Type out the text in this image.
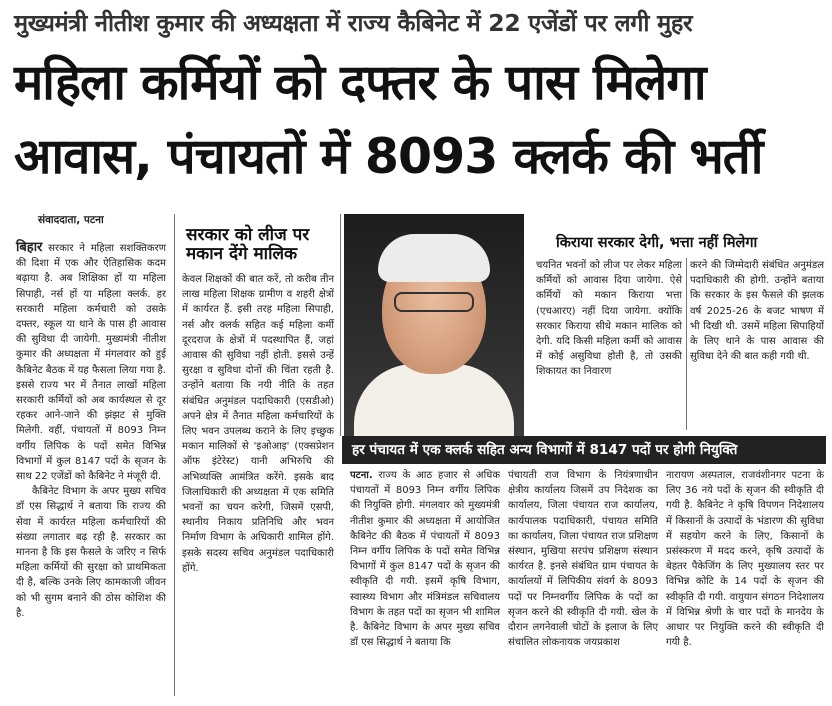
मुख्यमंत्री नीतीश कुमार की अध्यक्षता में राज्य कैबिनेट में 22 एजेंडों पर लगी मुहर
महिला कर्मियों को दफ्तर के पास मिलेगा
आवास, पंचायतों में 8093 क्लर्क की भर्ती
संवाददाता, पटना
बिहार सरकार ने महिला सशक्तिकरण की दिशा में एक और ऐतिहासिक कदम बढ़ाया है. अब शिक्षिका हों या महिला सिपाही, नर्स हों या महिला क्लर्क. हर सरकारी महिला कर्मचारी को उसके दफ्तर, स्कूल या थाने के पास ही आवास की सुविधा दी जायेगी. मुख्यमंत्री नीतीश कुमार की अध्यक्षता में मंगलवार को हुई कैबिनेट बैठक में यह फैसला लिया गया है. इससे राज्य भर में तैनात लाखों महिला सरकारी कर्मियों को अब कार्यस्थल से दूर रहकर आने-जाने की झंझट से मुक्ति मिलेगी. वहीं, पंचायतों में 8093 निम्न वर्गीय लिपिक के पदों समेत विभिन्न विभागों में कुल 8147 पदों के सृजन के साथ 22 एजेंडों को कैबिनेट ने मंजूरी दी.
कैबिनेट विभाग के अपर मुख्य सचिव डॉ एस सिद्धार्थ ने बताया कि राज्य की सेवा में कार्यरत महिला कर्मचारियों की संख्या लगातार बढ़ रही है. सरकार का मानना है कि इस फैसले के जरिए न सिर्फ महिला कर्मियों की सुरक्षा को प्राथमिकता दी है, बल्कि उनके लिए कामकाजी जीवन को भी सुगम बनाने की ठोस कोशिश की है.
सरकार को लीज पर मकान देंगे मालिक
केवल शिक्षकों की बात करें, तो करीब तीन लाख महिला शिक्षक ग्रामीण व शहरी क्षेत्रों में कार्यरत हैं. इसी तरह महिला सिपाही, नर्स और क्लर्क सहित कई महिला कर्मी दूरदराज के क्षेत्रों में पदस्थापित हैं, जहां आवास की सुविधा नहीं होती. इससे उन्हें सुरक्षा व सुविधा दोनों की चिंता रहती है. उन्होंने बताया कि नयी नीति के तहत संबंधित अनुमंडल पदाधिकारी (एसडीओ) अपने क्षेत्र में तैनात महिला कर्मचारियों के लिए भवन उपलब्ध कराने के लिए इच्छुक मकान मालिकों से 'इओआइ' (एक्सप्रेशन ऑफ इंटेरेस्ट) यानी अभिरुचि की अभिव्यक्ति आमंत्रित करेंगे. इसके बाद जिलाधिकारी की अध्यक्षता में एक समिति भवनों का चयन करेगी, जिसमें एसपी, स्थानीय निकाय प्रतिनिधि और भवन निर्माण विभाग के अधिकारी शामिल होंगे. इसके सदस्य सचिव अनुमंडल पदाधिकारी होंगे.
किराया सरकार देगी, भत्ता नहीं मिलेगा
चयनित भवनों को लीज पर लेकर महिला कर्मियों को आवास दिया जायेगा. ऐसे कर्मियों को मकान किराया भत्ता (एचआरए) नहीं दिया जायेगा. क्योंकि सरकार किराया सीधे मकान मालिक को देगी. यदि किसी महिला कर्मी को आवास में कोई असुविधा होती है, तो उसकी शिकायत का निवारण
करने की जिम्मेदारी संबंधित अनुमंडल पदाधिकारी की होगी. उन्होंने बताया कि सरकार के इस फैसले की झलक वर्ष 2025-26 के बजट भाषण में भी दिखी थी. उसमें महिला सिपाहियों के लिए थाने के पास आवास की सुविधा देने की बात कही गयी थी.
हर पंचायत में एक क्लर्क सहित अन्य विभागों में 8147 पदों पर होगी नियुक्ति
पटना. राज्य के आठ हजार से अधिक पंचायतों में 8093 निम्न वर्गीय लिपिक की नियुक्ति होगी. मंगलवार को मुख्यमंत्री नीतीश कुमार की अध्यक्षता में आयोजित कैबिनेट की बैठक में पंचायतों में 8093 निम्न वर्गीय लिपिक के पदों समेत विभिन्न विभागों में कुल 8147 पदों के सृजन की स्वीकृति दी गयी. इसमें कृषि विभाग, स्वास्थ्य विभाग और मंत्रिमंडल सचिवालय विभाग के तहत पदों का सृजन भी शामिल है. कैबिनेट विभाग के अपर मुख्य सचिव डॉ एस सिद्धार्थ ने बताया कि
पंचायती राज विभाग के नियंत्रणाधीन क्षेत्रीय कार्यालय जिसमें उप निदेशक का कार्यालय, जिला पंचायत राज कार्यालय, कार्यपालक पदाधिकारी, पंचायत समिति का कार्यालय, जिला पंचायत राज प्रशिक्षण संस्थान, मुखिया सरपंच प्रशिक्षण संस्थान कार्यरत है. इनसे संबंधित ग्राम पंचायत के कार्यालयों में लिपिकीय संवर्ग के 8093 पदों पर निम्नवर्गीय लिपिक के पदों का सृजन करने की स्वीकृति दी गयी. खेल के दौरान लगनेवाली चोटों के इलाज के लिए संचालित लोकनायक जयप्रकाश
नारायण अस्पताल, राजवंशीनगर पटना के लिए 36 नये पदों के सृजन की स्वीकृति दी गयी है. कैबिनेट ने कृषि विपणन निदेशालय में किसानों के उत्पादों के भंडारण की सुविधा में सहयोग करने के लिए, किसानों के प्रसंस्करण में मदद करने, कृषि उत्पादों के बेहतर पैकेजिंग के लिए मुख्यालय स्तर पर विभिन्न कोटि के 14 पदों के सृजन की स्वीकृति दी गयी. वायुयान संगठन निदेशालय में विभिन्न श्रेणी के चार पदों के मानदेय के आधार पर नियुक्ति करने की स्वीकृति दी गयी है.
